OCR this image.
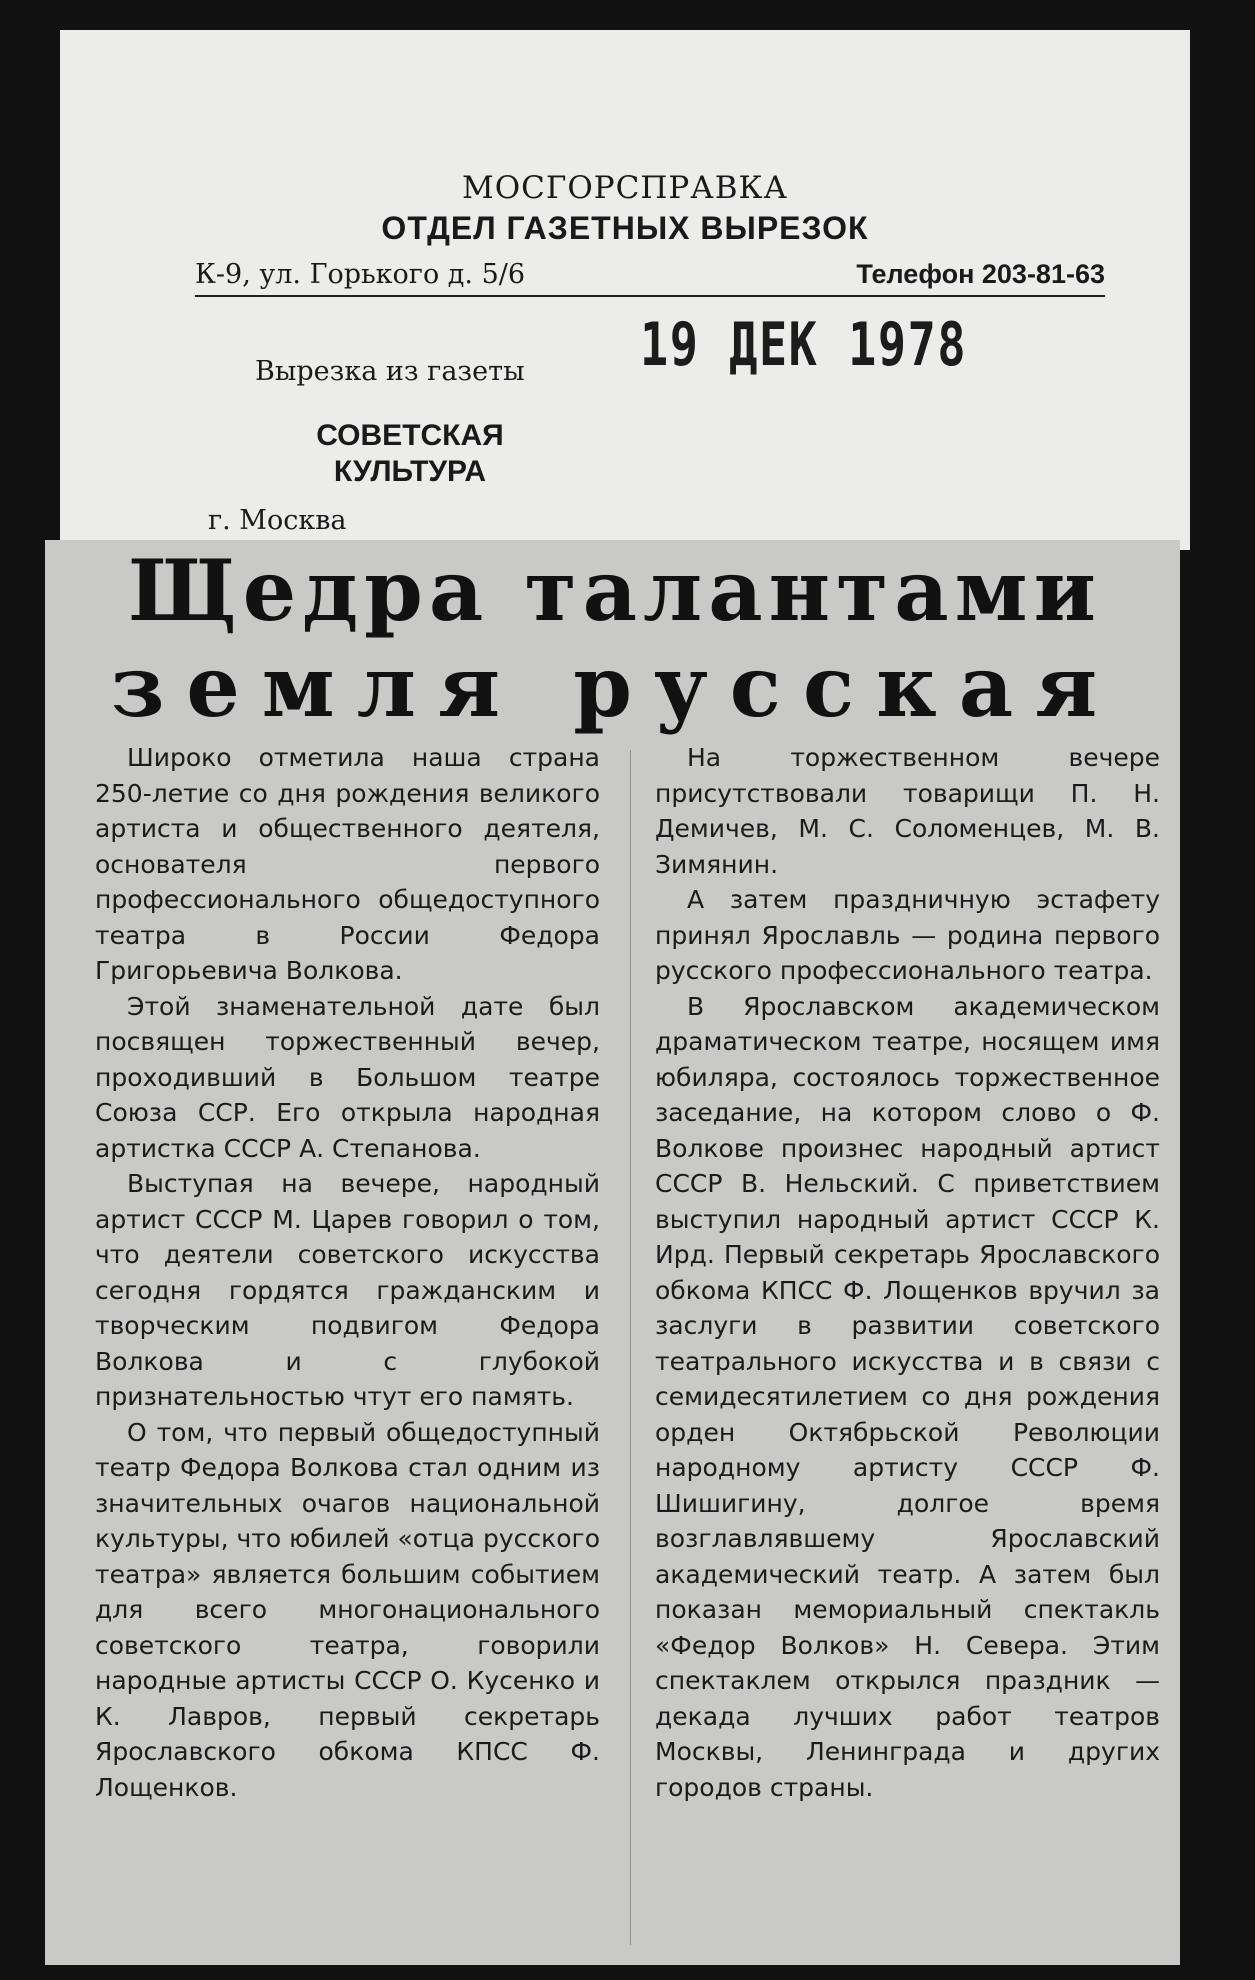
МОСГОРСПРАВКА
ОТДЕЛ ГАЗЕТНЫХ ВЫРЕЗОК
К-9, ул. Горького д. 5/6	Телефон 203-81-63
19 ДЕК 1978
Вырезка из газеты
СОВЕТСКАЯ
КУЛЬТУРА
г. Москва
Щедра талантами
земля русская

Широко отметила наша страна 250-летие со дня рождения великого артиста и общественного деятеля, основателя первого профессионального общедоступного театра в России Федора Григорьевича Волкова.

Этой знаменательной дате был посвящен торжественный вечер, проходивший в Большом театре Союза ССР. Его открыла народная артистка СССР А. Степанова.

Выступая на вечере, народный артист СССР М. Царев говорил о том, что деятели советского искусства сегодня гордятся гражданским и творческим подвигом Федора Волкова и с глубокой признательностью чтут его память.

О том, что первый общедоступный театр Федора Волкова стал одним из значительных очагов национальной культуры, что юбилей «отца русского театра» является большим событием для всего многонационального советского театра, говорили народные артисты СССР О. Кусенко и К. Лавров, первый секретарь Ярославского обкома КПСС Ф. Лощенков.

На торжественном вечере присутствовали товарищи П. Н. Демичев, М. С. Соломенцев, М. В. Зимянин.

А затем праздничную эстафету принял Ярославль — родина первого русского профессионального театра.

В Ярославском академическом драматическом театре, носящем имя юбиляра, состоялось торжественное заседание, на котором слово о Ф. Волкове произнес народный артист СССР В. Нельский. С приветствием выступил народный артист СССР К. Ирд. Первый секретарь Ярославского обкома КПСС Ф. Лощенков вручил за заслуги в развитии советского театрального искусства и в связи с семидесятилетием со дня рождения орден Октябрьской Революции народному артисту СССР Ф. Шишигину, долгое время возглавлявшему Ярославский академический театр. А затем был показан мемориальный спектакль «Федор Волков» Н. Севера. Этим спектаклем открылся праздник — декада лучших работ театров Москвы, Ленинграда и других городов страны.
